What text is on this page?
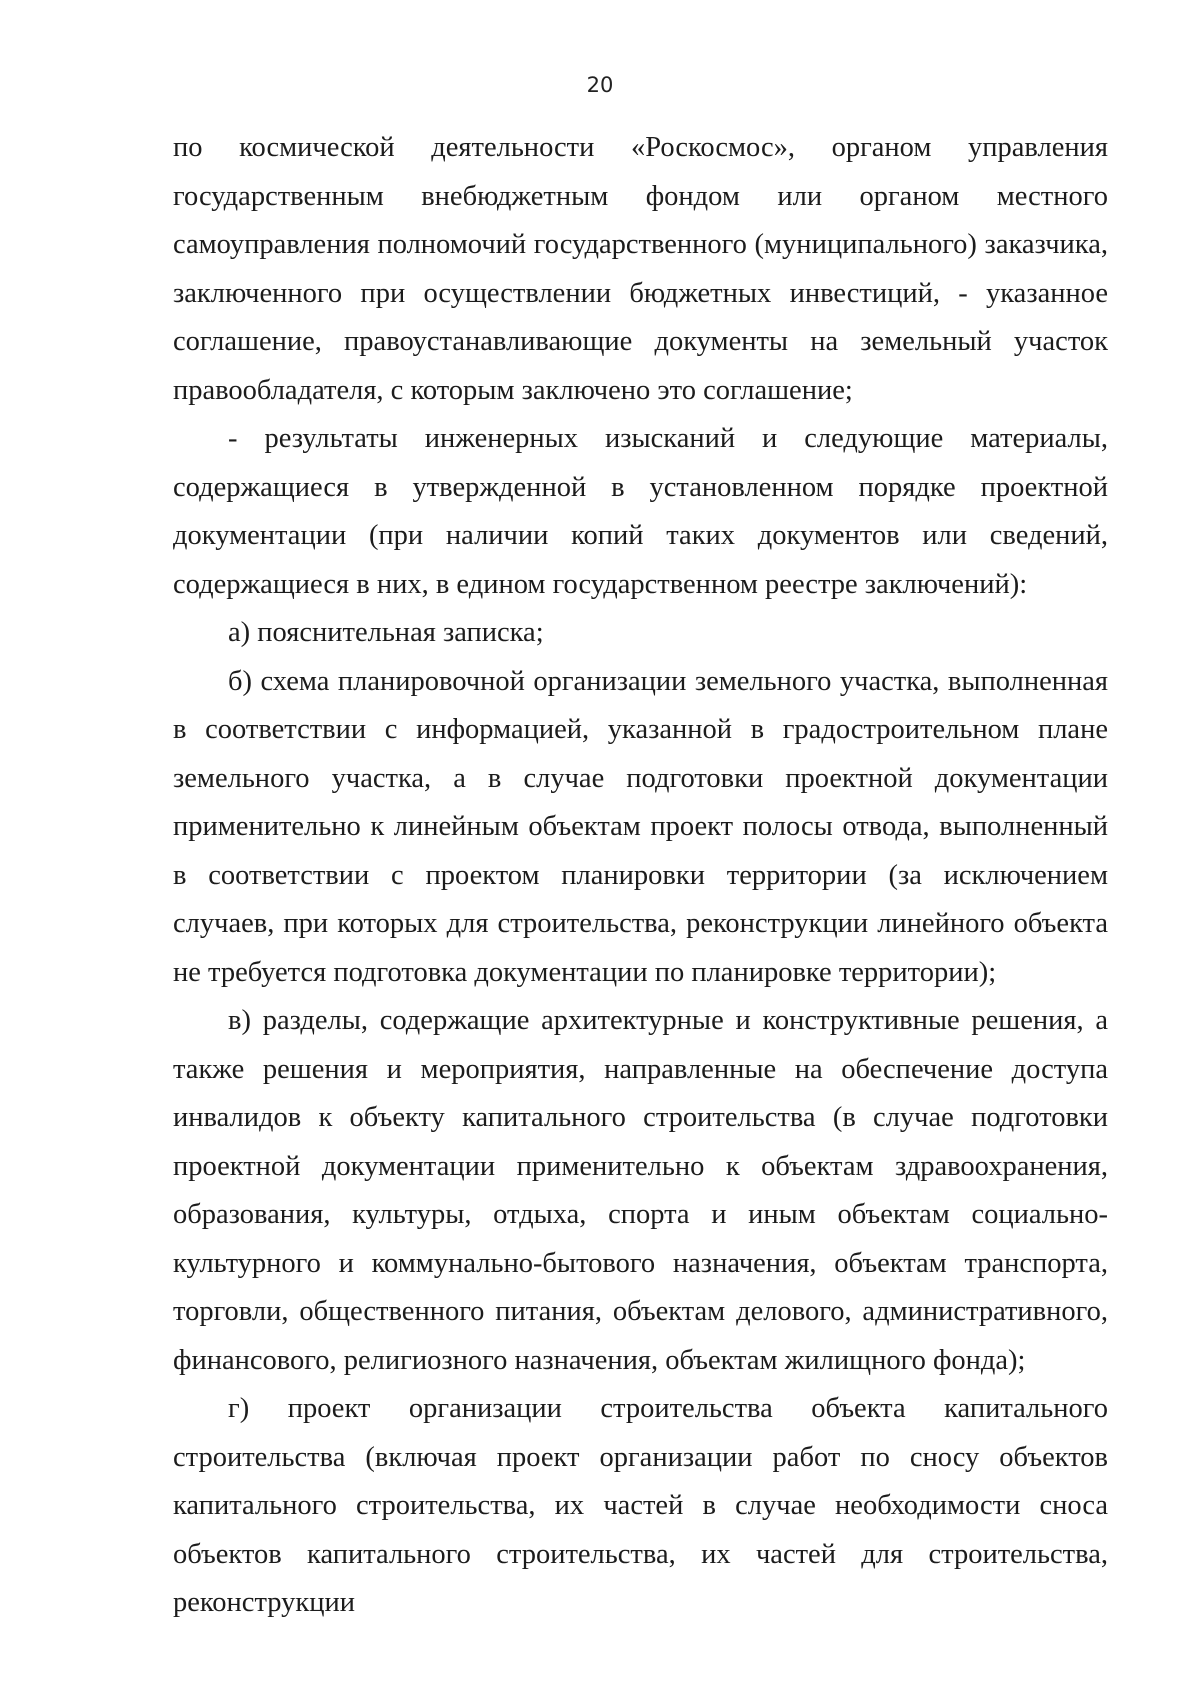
20

по космической деятельности «Роскосмос», органом управления государственным внебюджетным фондом или органом местного самоуправления полномочий государственного (муниципального) заказчика, заключенного при осуществлении бюджетных инвестиций, - указанное соглашение, правоустанавливающие документы на земельный участок правообладателя, с которым заключено это соглашение;

- результаты инженерных изысканий и следующие материалы, содержащиеся в утвержденной в установленном порядке проектной документации (при наличии копий таких документов или сведений, содержащиеся в них, в едином государственном реестре заключений):

а) пояснительная записка;

б) схема планировочной организации земельного участка, выполненная в соответствии с информацией, указанной в градостроительном плане земельного участка, а в случае подготовки проектной документации применительно к линейным объектам проект полосы отвода, выполненный в соответствии с проектом планировки территории (за исключением случаев, при которых для строительства, реконструкции линейного объекта не требуется подготовка документации по планировке территории);

в) разделы, содержащие архитектурные и конструктивные решения, а также решения и мероприятия, направленные на обеспечение доступа инвалидов к объекту капитального строительства (в случае подготовки проектной документации применительно к объектам здравоохранения, образования, культуры, отдыха, спорта и иным объектам социально-культурного и коммунально-бытового назначения, объектам транспорта, торговли, общественного питания, объектам делового, административного, финансового, религиозного назначения, объектам жилищного фонда);

г) проект организации строительства объекта капитального строительства (включая проект организации работ по сносу объектов капитального строительства, их частей в случае необходимости сноса объектов капитального строительства, их частей для строительства, реконструкции
